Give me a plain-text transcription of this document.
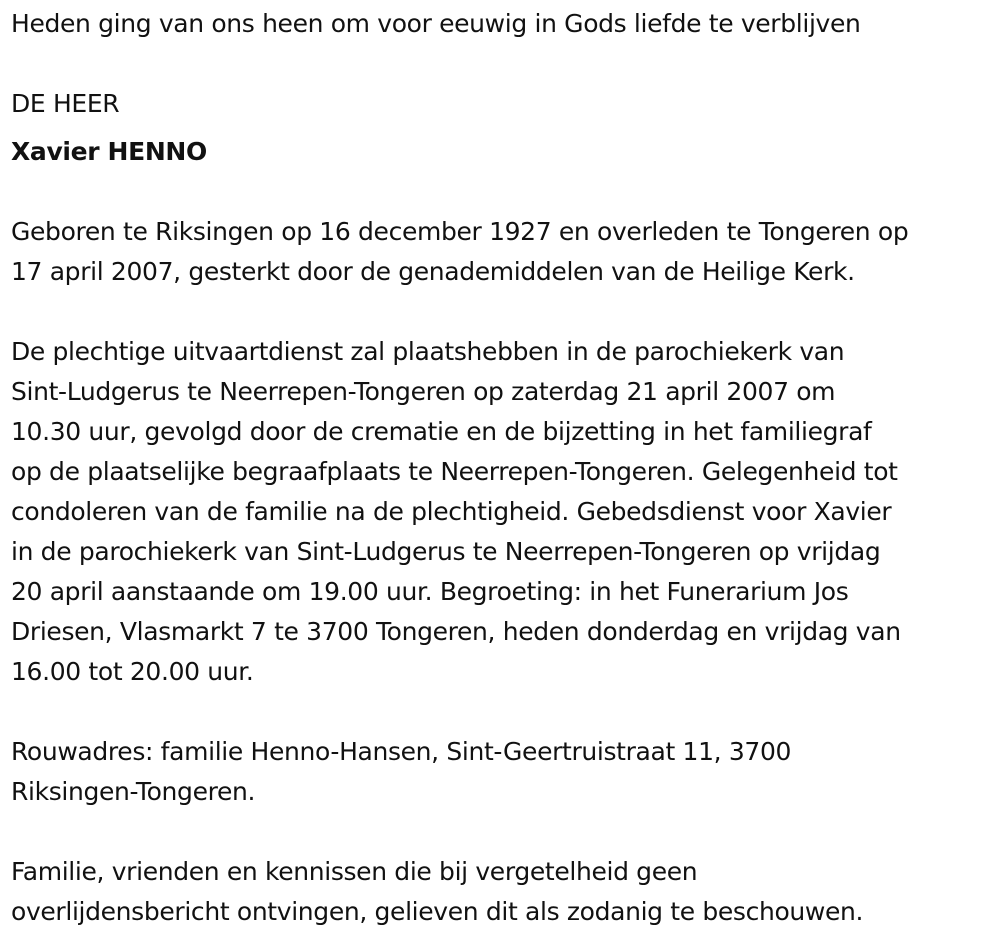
Heden ging van ons heen om voor eeuwig in Gods liefde te verblijven

DE HEER

Xavier HENNO

Geboren te Riksingen op 16 december 1927 en overleden te Tongeren op
17 april 2007, gesterkt door de genademiddelen van de Heilige Kerk.

De plechtige uitvaartdienst zal plaatshebben in de parochiekerk van
Sint-Ludgerus te Neerrepen-Tongeren op zaterdag 21 april 2007 om
10.30 uur, gevolgd door de crematie en de bijzetting in het familiegraf
op de plaatselijke begraafplaats te Neerrepen-Tongeren. Gelegenheid tot
condoleren van de familie na de plechtigheid. Gebedsdienst voor Xavier
in de parochiekerk van Sint-Ludgerus te Neerrepen-Tongeren op vrijdag
20 april aanstaande om 19.00 uur. Begroeting: in het Funerarium Jos
Driesen, Vlasmarkt 7 te 3700 Tongeren, heden donderdag en vrijdag van
16.00 tot 20.00 uur.

Rouwadres: familie Henno-Hansen, Sint-Geertruistraat 11, 3700
Riksingen-Tongeren.

Familie, vrienden en kennissen die bij vergetelheid geen
overlijdensbericht ontvingen, gelieven dit als zodanig te beschouwen.
